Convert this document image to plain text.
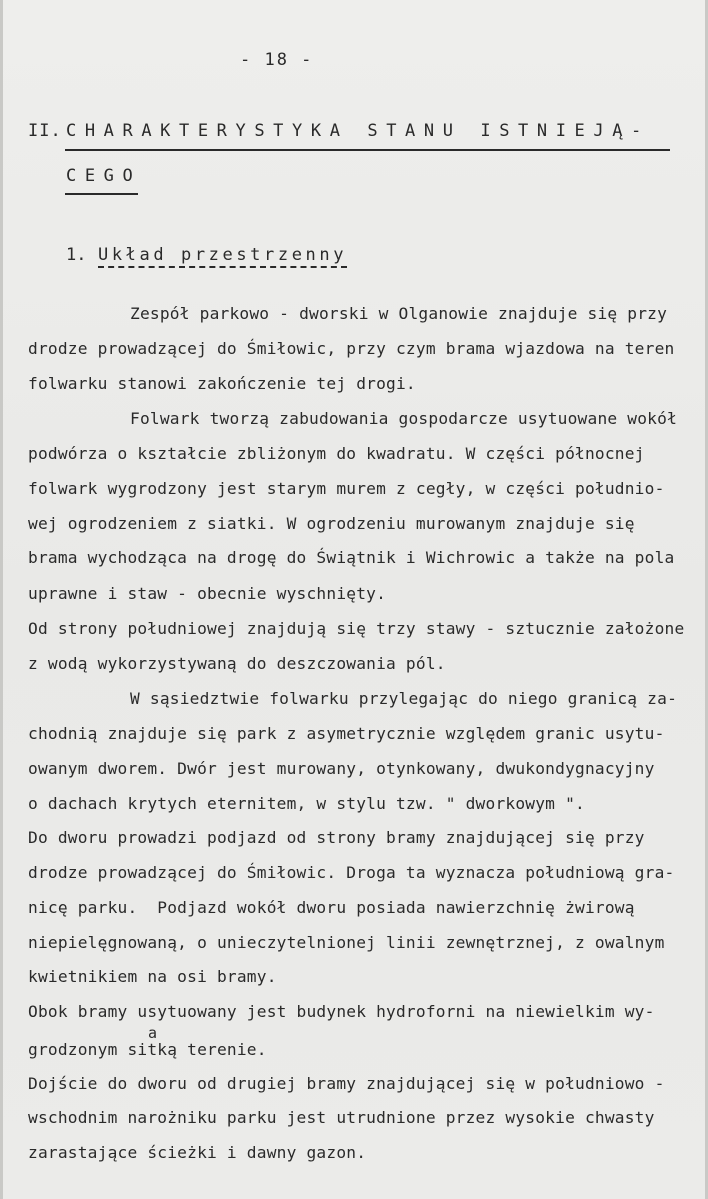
- 18 -
II. CHARAKTERYSTYKA STANU ISTNIEJĄ-
CEGO
1. Układ przestrzenny
Zespół parkowo - dworski w Olganowie znajduje się przy
drodze prowadzącej do Śmiłowic, przy czym brama wjazdowa na teren
folwarku stanowi zakończenie tej drogi.
Folwark tworzą zabudowania gospodarcze usytuowane wokół
podwórza o kształcie zbliżonym do kwadratu. W części północnej
folwark wygrodzony jest starym murem z cegły, w części południo-
wej ogrodzeniem z siatki. W ogrodzeniu murowanym znajduje się
brama wychodząca na drogę do Świątnik i Wichrowic a także na pola
uprawne i staw - obecnie wyschnięty.
Od strony południowej znajdują się trzy stawy - sztucznie założone
z wodą wykorzystywaną do deszczowania pól.
W sąsiedztwie folwarku przylegając do niego granicą za-
chodnią znajduje się park z asymetrycznie względem granic usytu-
owanym dworem. Dwór jest murowany, otynkowany, dwukondygnacyjny
o dachach krytych eternitem, w stylu tzw. " dworkowym ".
Do dworu prowadzi podjazd od strony bramy znajdującej się przy
drodze prowadzącej do Śmiłowic. Droga ta wyznacza południową gra-
nicę parku.  Podjazd wokół dworu posiada nawierzchnię żwirową
niepielęgnowaną, o unieczytelnionej linii zewnętrznej, z owalnym
kwietnikiem na osi bramy.
Obok bramy usytuowany jest budynek hydroforni na niewielkim wy-
a
grodzonym sitką terenie.
Dojście do dworu od drugiej bramy znajdującej się w południowo -
wschodnim narożniku parku jest utrudnione przez wysokie chwasty
zarastające ścieżki i dawny gazon.
